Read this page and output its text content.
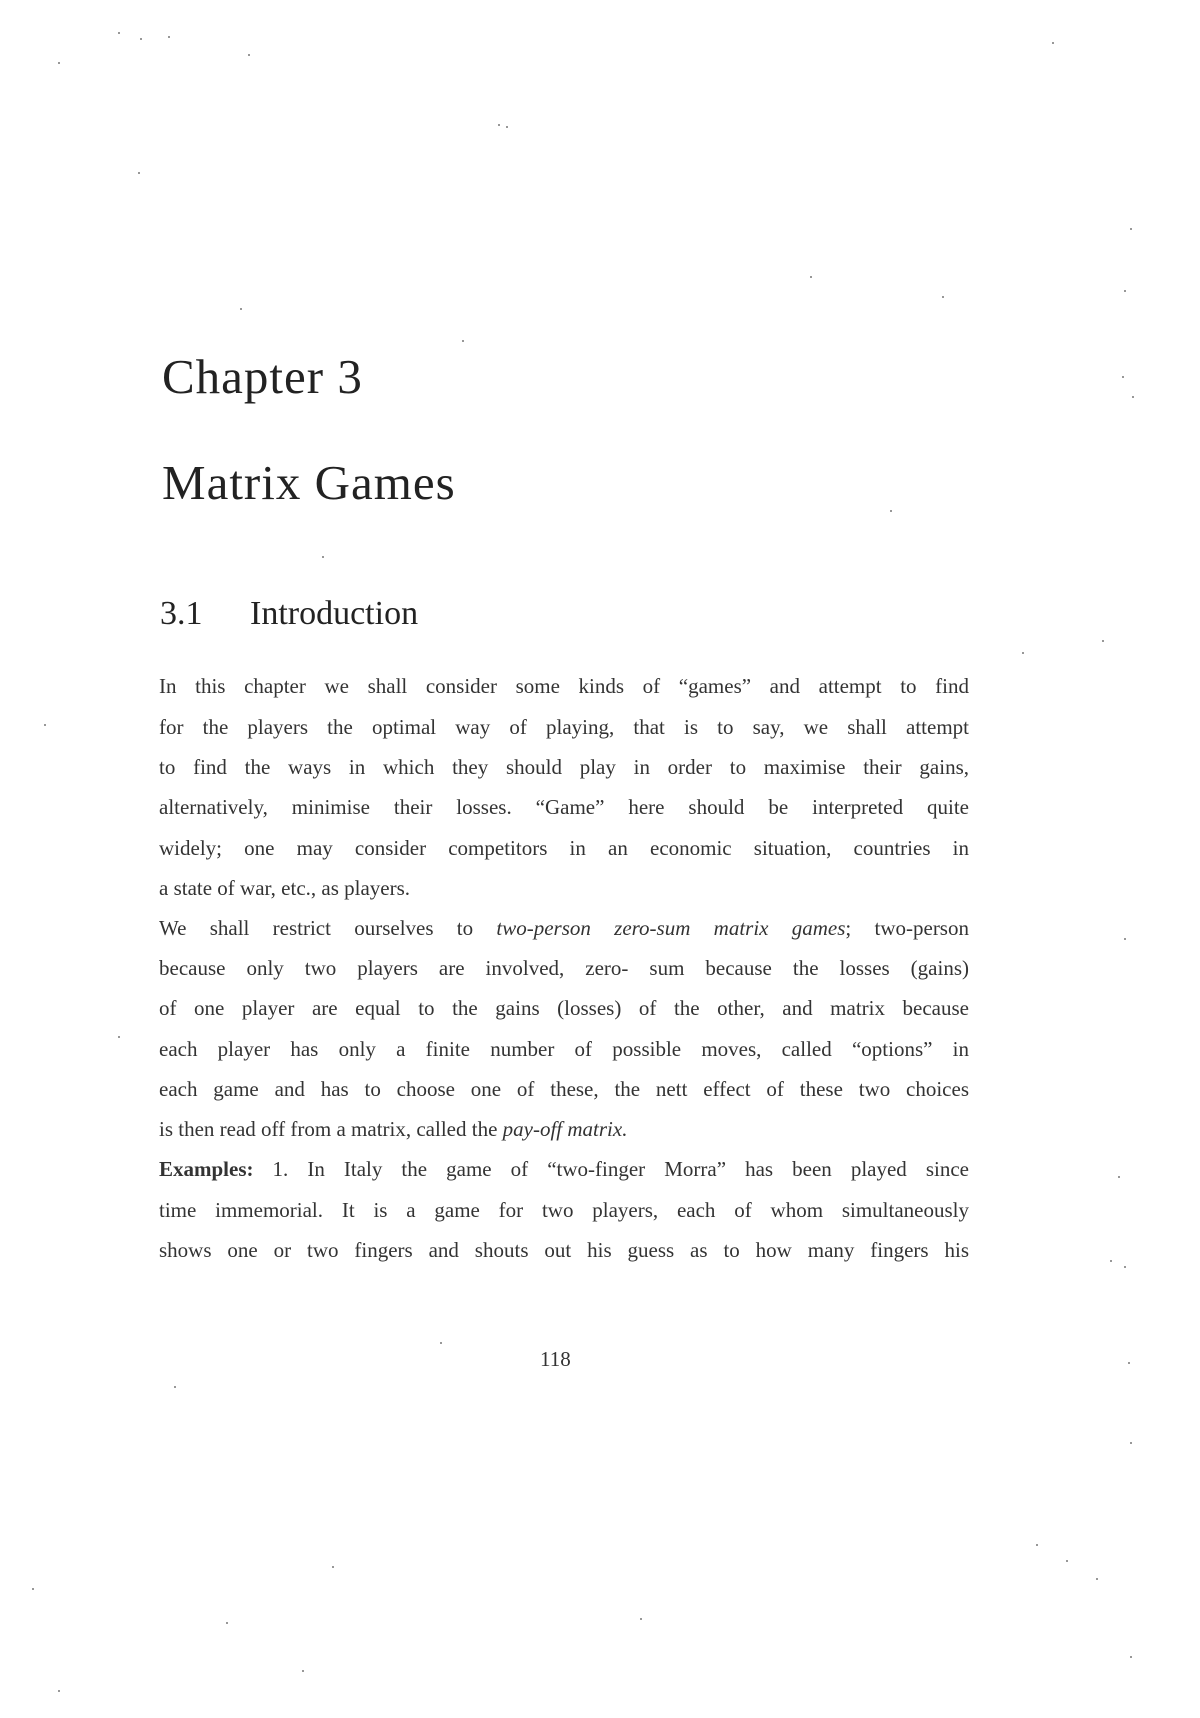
Chapter 3
Matrix Games
3.1 Introduction

In this chapter we shall consider some kinds of “games” and attempt to find

for the players the optimal way of playing, that is to say, we shall attempt

to find the ways in which they should play in order to maximise their gains,

alternatively, minimise their losses. “Game” here should be interpreted quite

widely; one may consider competitors in an economic situation, countries in

a state of war, etc., as players.

We shall restrict ourselves to two-person zero-sum matrix games; two-person

because only two players are involved, zero- sum because the losses (gains)

of one player are equal to the gains (losses) of the other, and matrix because

each player has only a finite number of possible moves, called “options” in

each game and has to choose one of these, the nett effect of these two choices

is then read off from a matrix, called the pay-off matrix.

Examples: 1. In Italy the game of “two-finger Morra” has been played since

time immemorial. It is a game for two players, each of whom simultaneously

shows one or two fingers and shouts out his guess as to how many fingers his

118
